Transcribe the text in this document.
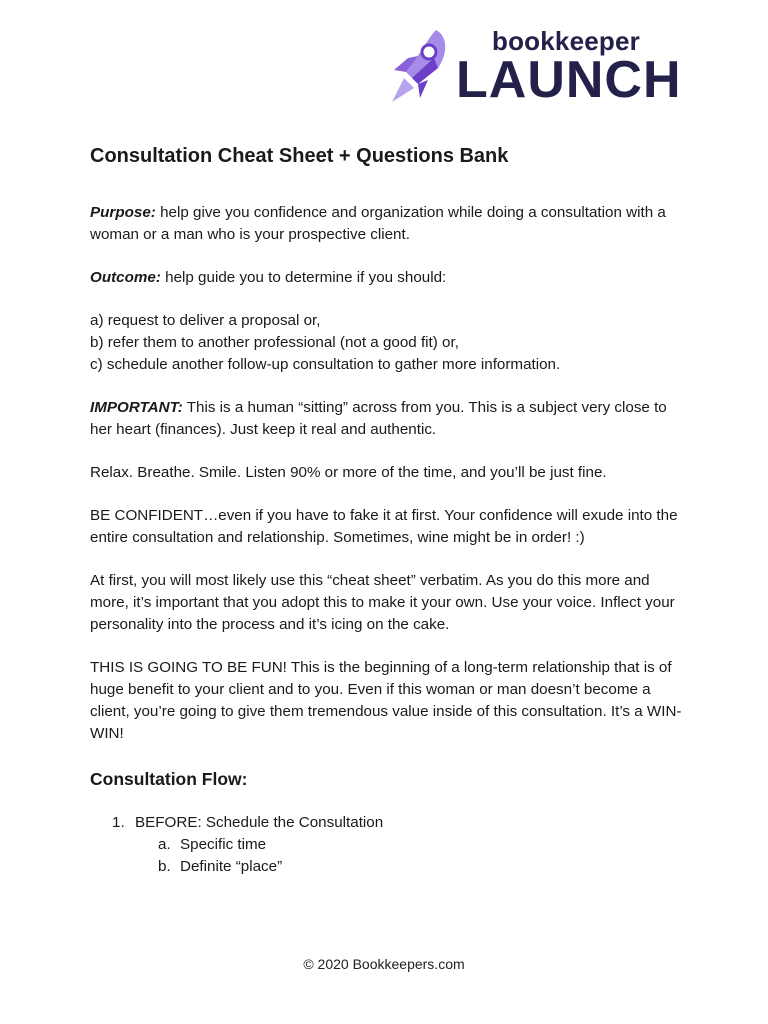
bookkeeper
LAUNCH
Consultation Cheat Sheet + Questions Bank

Purpose: help give you confidence and organization while doing a consultation with a woman or a man who is your prospective client.

Outcome: help guide you to determine if you should:

a) request to deliver a proposal or,
b) refer them to another professional (not a good fit) or,
c) schedule another follow-up consultation to gather more information.

IMPORTANT: This is a human “sitting” across from you. This is a subject very close to her heart (finances). Just keep it real and authentic.

Relax. Breathe. Smile. Listen 90% or more of the time, and you’ll be just fine.

BE CONFIDENT…even if you have to fake it at first. Your confidence will exude into the entire consultation and relationship. Sometimes, wine might be in order! :)

At first, you will most likely use this “cheat sheet” verbatim. As you do this more and more, it’s important that you adopt this to make it your own. Use your voice. Inflect your personality into the process and it’s icing on the cake.

THIS IS GOING TO BE FUN! This is the beginning of a long-term relationship that is of huge benefit to your client and to you. Even if this woman or man doesn’t become a client, you’re going to give them tremendous value inside of this consultation. It’s a WIN-WIN!

Consultation Flow:
1. BEFORE: Schedule the Consultation
a. Specific time
b. Definite “place”
© 2020 Bookkeepers.com
